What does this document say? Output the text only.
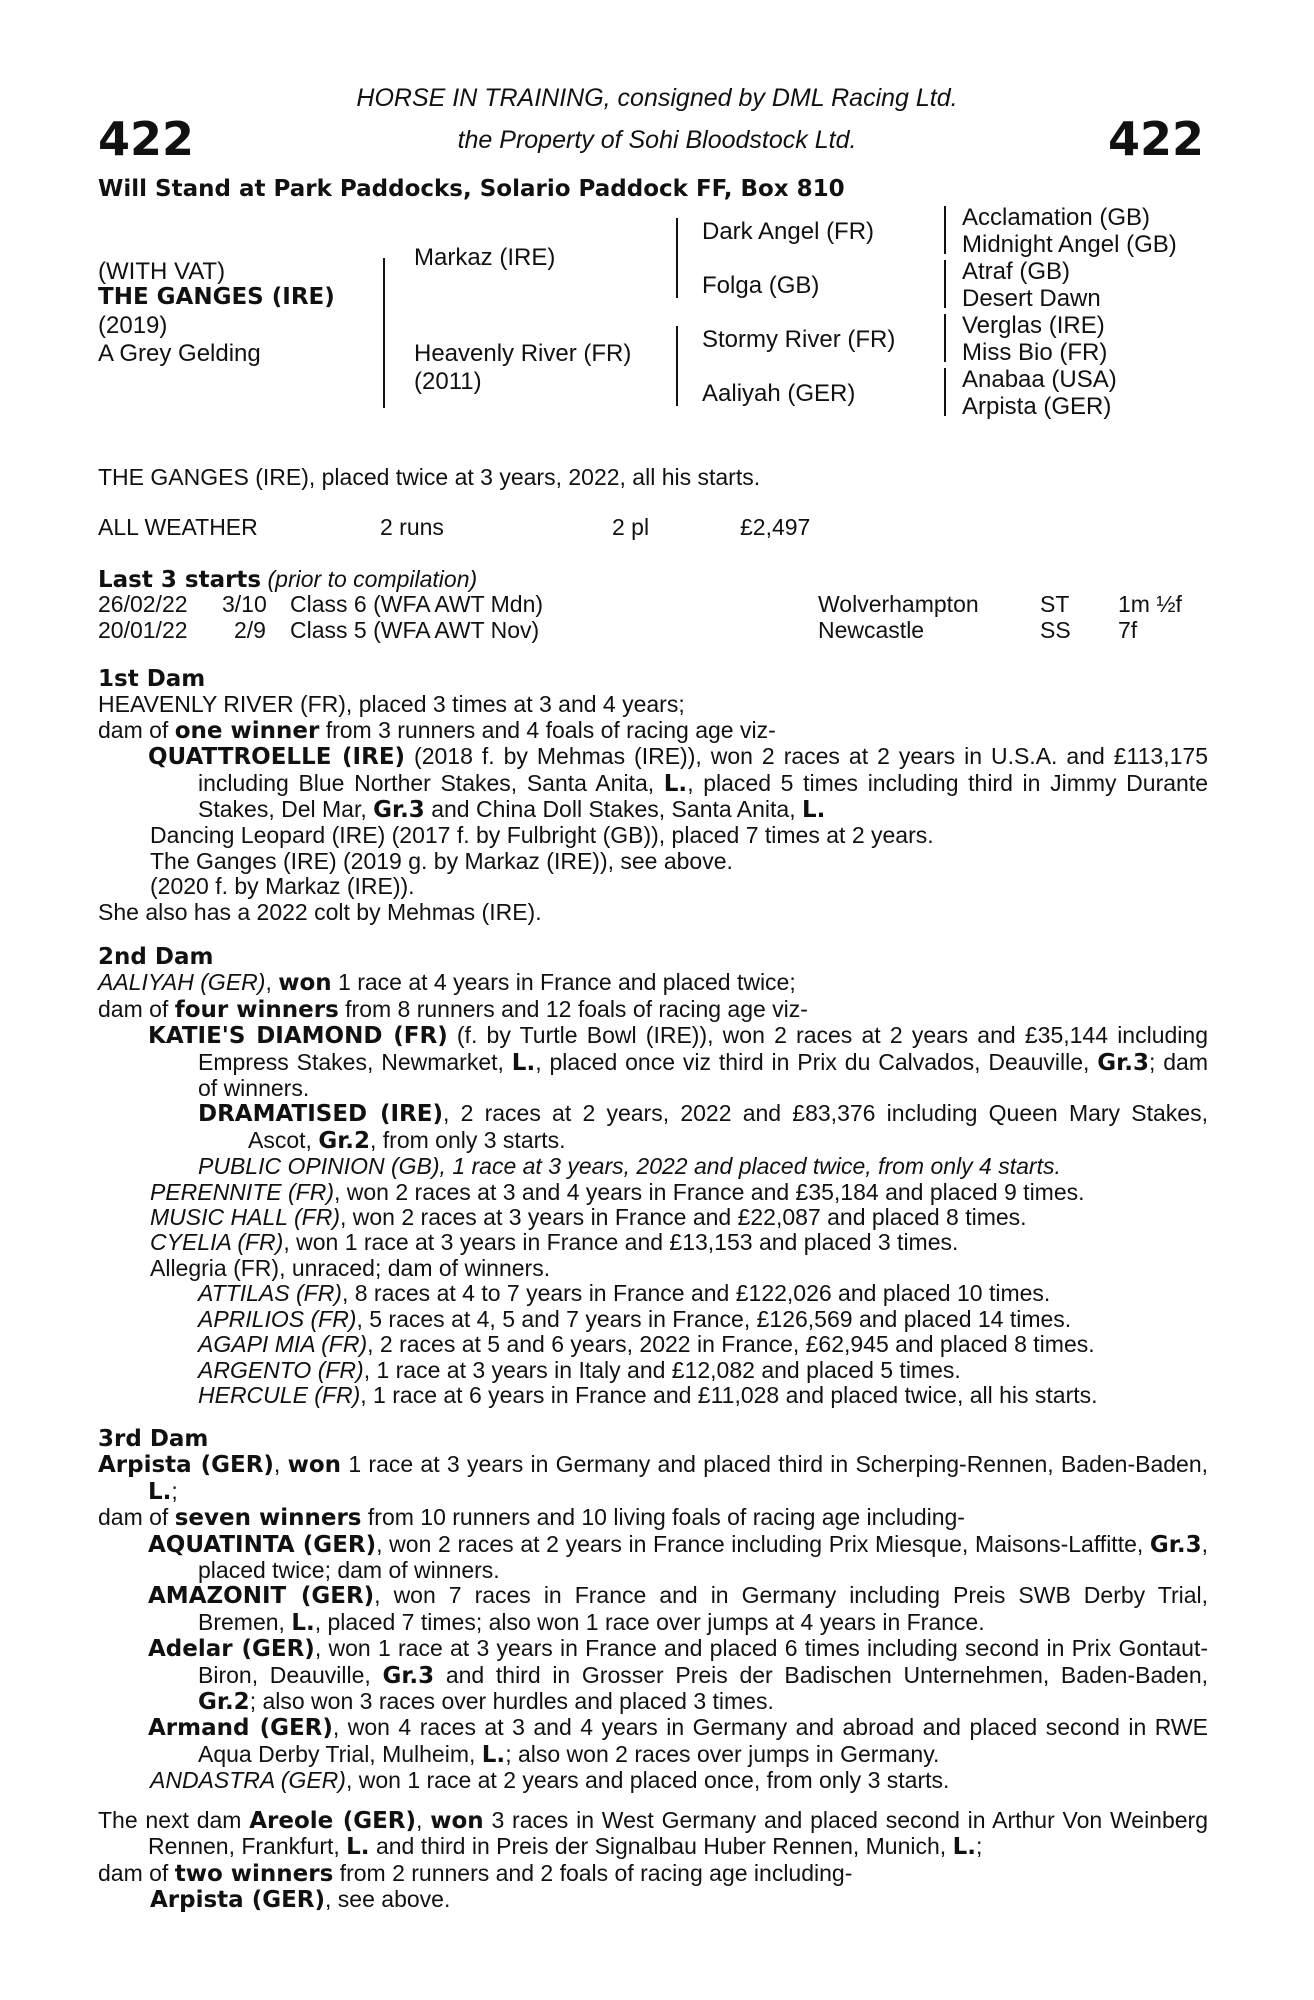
422	422
HORSE IN TRAINING, consigned by DML Racing Ltd.
the Property of Sohi Bloodstock Ltd.
Will Stand at Park Paddocks, Solario Paddock FF, Box 810
(WITH VAT)
THE GANGES (IRE)
(2019)
A Grey Gelding
Markaz (IRE)
Heavenly River (FR)
(2011)
Dark Angel (FR)
Folga (GB)
Stormy River (FR)
Aaliyah (GER)
Acclamation (GB)
Midnight Angel (GB)
Atraf (GB)
Desert Dawn
Verglas (IRE)
Miss Bio (FR)
Anabaa (USA)
Arpista (GER)
THE GANGES (IRE), placed twice at 3 years, 2022, all his starts.
ALL WEATHER	2 runs	2 pl	£2,497
Last 3 starts (prior to compilation)
26/02/22 3/10 Class 6 (WFA AWT Mdn)	Wolverhampton	ST 1m ½f
20/01/22 2/9 Class 5 (WFA AWT Nov)	Newcastle	SS 7f

1st Dam

HEAVENLY RIVER (FR), placed 3 times at 3 and 4 years;

dam of one winner from 3 runners and 4 foals of racing age viz-

QUATTROELLE (IRE) (2018 f. by Mehmas (IRE)), won 2 races at 2 years in U.S.A. and £113,175 including Blue Norther Stakes, Santa Anita, L., placed 5 times including third in Jimmy Durante Stakes, Del Mar, Gr.3 and China Doll Stakes, Santa Anita, L.

Dancing Leopard (IRE) (2017 f. by Fulbright (GB)), placed 7 times at 2 years.

The Ganges (IRE) (2019 g. by Markaz (IRE)), see above.

(2020 f. by Markaz (IRE)).

She also has a 2022 colt by Mehmas (IRE).

2nd Dam

AALIYAH (GER), won 1 race at 4 years in France and placed twice;

dam of four winners from 8 runners and 12 foals of racing age viz-

KATIE'S DIAMOND (FR) (f. by Turtle Bowl (IRE)), won 2 races at 2 years and £35,144 including Empress Stakes, Newmarket, L., placed once viz third in Prix du Calvados, Deauville, Gr.3; dam of winners.

DRAMATISED (IRE), 2 races at 2 years, 2022 and £83,376 including Queen Mary Stakes, Ascot, Gr.2, from only 3 starts.

PUBLIC OPINION (GB), 1 race at 3 years, 2022 and placed twice, from only 4 starts.

PERENNITE (FR), won 2 races at 3 and 4 years in France and £35,184 and placed 9 times.

MUSIC HALL (FR), won 2 races at 3 years in France and £22,087 and placed 8 times.

CYELIA (FR), won 1 race at 3 years in France and £13,153 and placed 3 times.

Allegria (FR), unraced; dam of winners.

ATTILAS (FR), 8 races at 4 to 7 years in France and £122,026 and placed 10 times.

APRILIOS (FR), 5 races at 4, 5 and 7 years in France, £126,569 and placed 14 times.

AGAPI MIA (FR), 2 races at 5 and 6 years, 2022 in France, £62,945 and placed 8 times.

ARGENTO (FR), 1 race at 3 years in Italy and £12,082 and placed 5 times.

HERCULE (FR), 1 race at 6 years in France and £11,028 and placed twice, all his starts.

3rd Dam

Arpista (GER), won 1 race at 3 years in Germany and placed third in Scherping-Rennen, Baden-Baden, L.;

dam of seven winners from 10 runners and 10 living foals of racing age including-

AQUATINTA (GER), won 2 races at 2 years in France including Prix Miesque, Maisons-Laffitte, Gr.3, placed twice; dam of winners.

AMAZONIT (GER), won 7 races in France and in Germany including Preis SWB Derby Trial, Bremen, L., placed 7 times; also won 1 race over jumps at 4 years in France.

Adelar (GER), won 1 race at 3 years in France and placed 6 times including second in Prix Gontaut-Biron, Deauville, Gr.3 and third in Grosser Preis der Badischen Unternehmen, Baden-Baden, Gr.2; also won 3 races over hurdles and placed 3 times.

Armand (GER), won 4 races at 3 and 4 years in Germany and abroad and placed second in RWE Aqua Derby Trial, Mulheim, L.; also won 2 races over jumps in Germany.

ANDASTRA (GER), won 1 race at 2 years and placed once, from only 3 starts.

The next dam Areole (GER), won 3 races in West Germany and placed second in Arthur Von Weinberg Rennen, Frankfurt, L. and third in Preis der Signalbau Huber Rennen, Munich, L.;

dam of two winners from 2 runners and 2 foals of racing age including-

Arpista (GER), see above.
